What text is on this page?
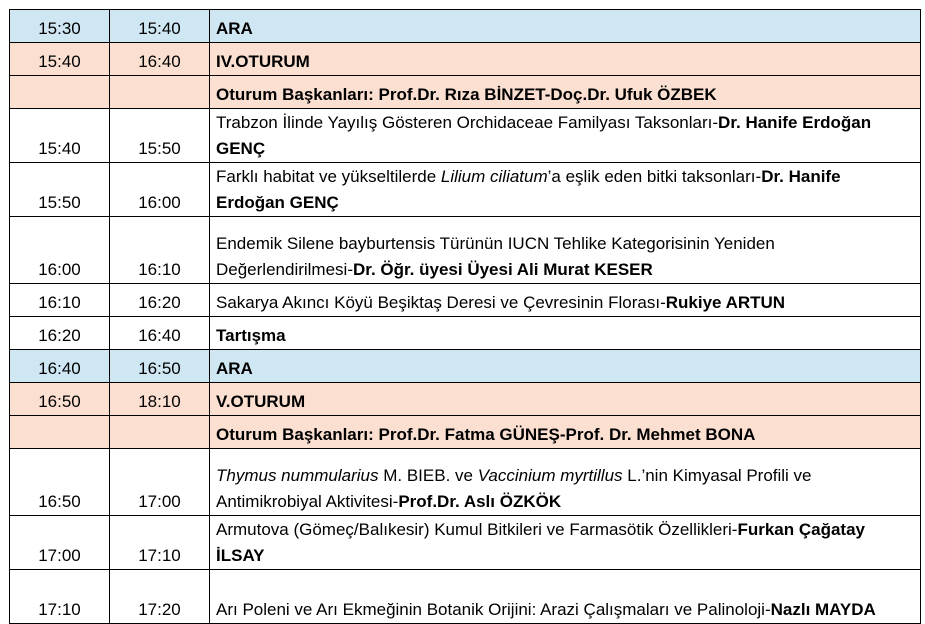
15:30	15:40	ARA
15:40	16:40	IV.OTURUM
		Oturum Başkanları: Prof.Dr. Rıza BİNZET-Doç.Dr. Ufuk ÖZBEK
15:40	15:50	Trabzon İlinde Yayılış Gösteren Orchidaceae Familyası Taksonları-Dr. Hanife Erdoğan GENÇ
15:50	16:00	Farklı habitat ve yükseltilerde Lilium ciliatum’a eşlik eden bitki taksonları-Dr. Hanife Erdoğan GENÇ
16:00	16:10	Endemik Silene bayburtensis Türünün IUCN Tehlike Kategorisinin Yeniden Değerlendirilmesi-Dr. Öğr. üyesi Üyesi Ali Murat KESER
16:10	16:20	Sakarya Akıncı Köyü Beşiktaş Deresi ve Çevresinin Florası-Rukiye ARTUN
16:20	16:40	Tartışma
16:40	16:50	ARA
16:50	18:10	V.OTURUM
		Oturum Başkanları: Prof.Dr. Fatma GÜNEŞ-Prof. Dr. Mehmet BONA
16:50	17:00	Thymus nummularius M. BIEB. ve Vaccinium myrtillus L.’nin Kimyasal Profili ve Antimikrobiyal Aktivitesi-Prof.Dr. Aslı ÖZKÖK
17:00	17:10	Armutova (Gömeç/Balıkesir) Kumul Bitkileri ve Farmasötik Özellikleri-Furkan Çağatay İLSAY
17:10	17:20	Arı Poleni ve Arı Ekmeğinin Botanik Orijini: Arazi Çalışmaları ve Palinoloji-Nazlı MAYDA
